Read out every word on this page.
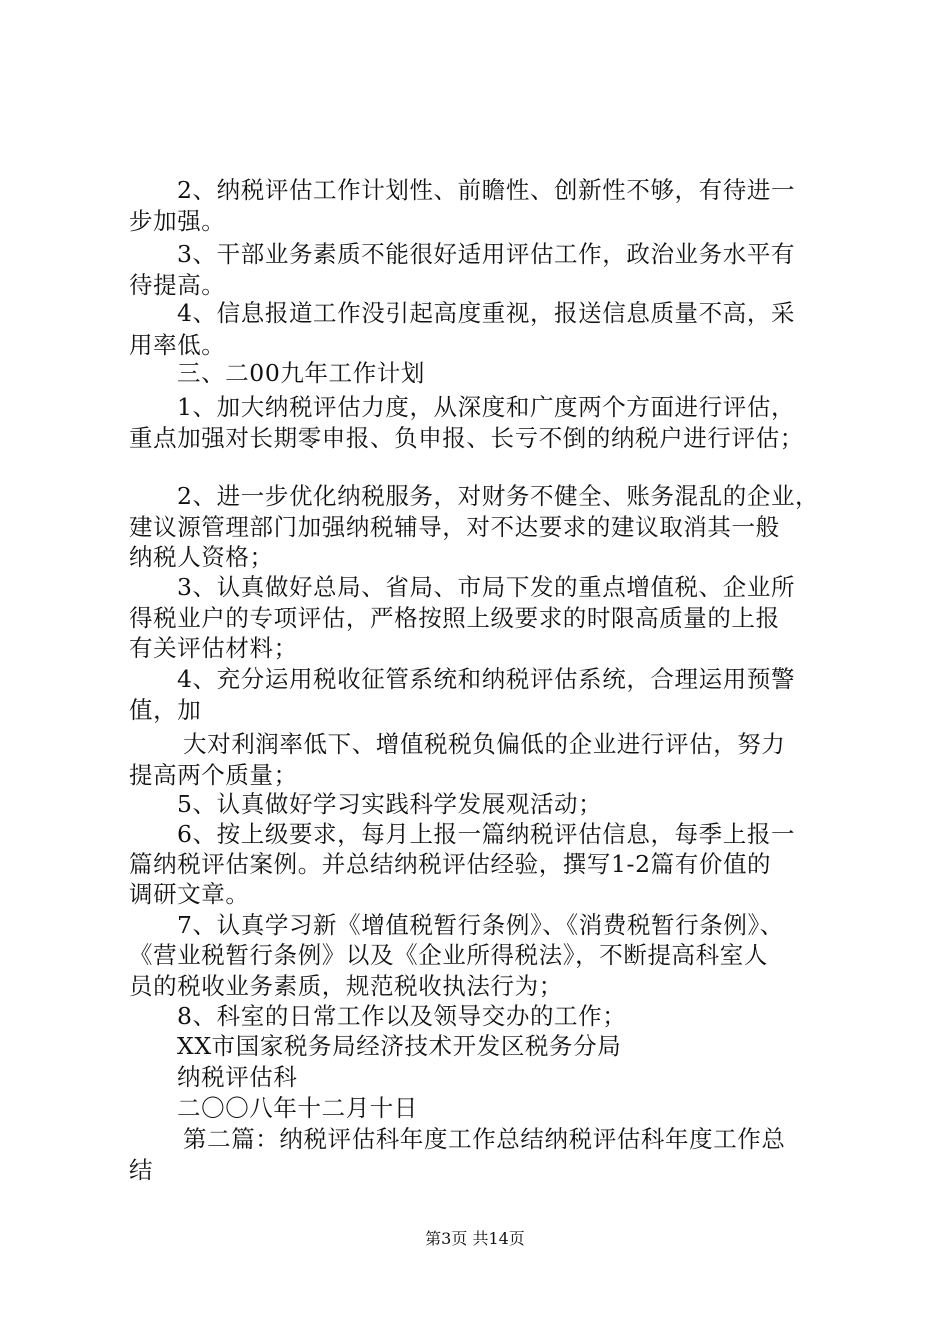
2、纳税评估工作计划性、前瞻性、创新性不够，有待进一
步加强。
3、干部业务素质不能很好适用评估工作，政治业务水平有
待提高。
4、信息报道工作没引起高度重视，报送信息质量不高，采
用率低。
三、二00九年工作计划
1、加大纳税评估力度，从深度和广度两个方面进行评估，
重点加强对长期零申报、负申报、长亏不倒的纳税户进行评估；
2、进一步优化纳税服务，对财务不健全、账务混乱的企业，
建议源管理部门加强纳税辅导，对不达要求的建议取消其一般
纳税人资格；
3、认真做好总局、省局、市局下发的重点增值税、企业所
得税业户的专项评估，严格按照上级要求的时限高质量的上报
有关评估材料；
4、充分运用税收征管系统和纳税评估系统，合理运用预警
值，加
大对利润率低下、增值税税负偏低的企业进行评估，努力
提高两个质量；
5、认真做好学习实践科学发展观活动；
6、按上级要求，每月上报一篇纳税评估信息，每季上报一
篇纳税评估案例。并总结纳税评估经验，撰写1-2篇有价值的
调研文章。
7、认真学习新《增值税暂行条例》、《消费税暂行条例》、
《营业税暂行条例》以及《企业所得税法》，不断提高科室人
员的税收业务素质，规范税收执法行为；
8、科室的日常工作以及领导交办的工作；
XX市国家税务局经济技术开发区税务分局
纳税评估科
二〇〇八年十二月十日
第二篇：纳税评估科年度工作总结纳税评估科年度工作总
结
第3页 共14页
